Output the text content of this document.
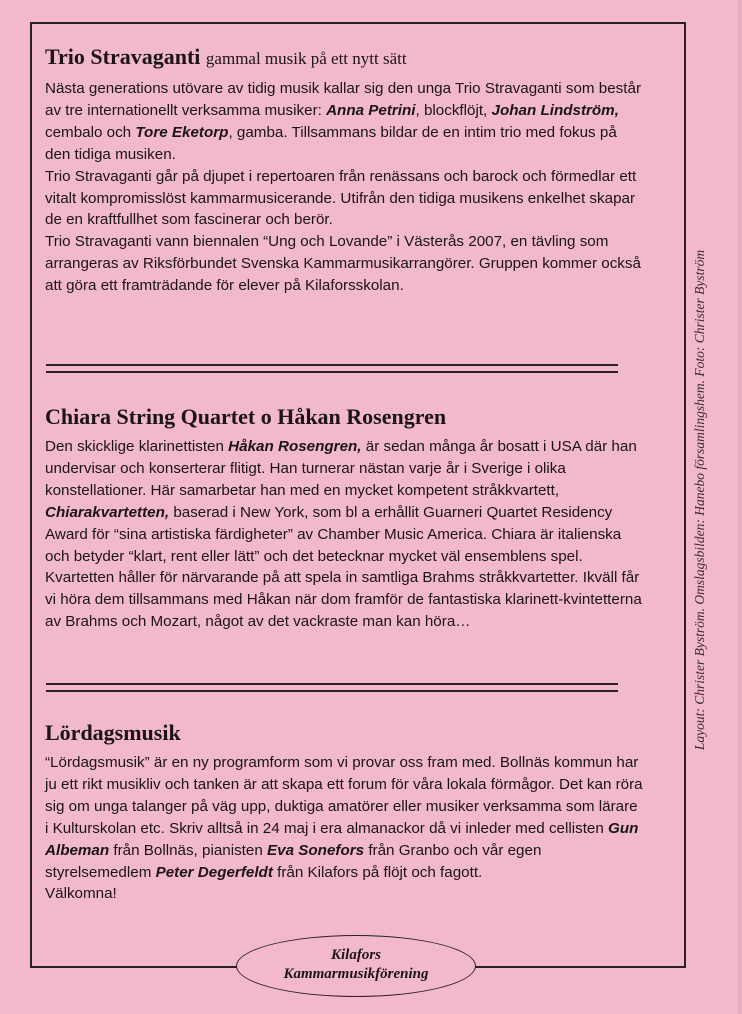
Trio Stravaganti gammal musik på ett nytt sätt

Nästa generations utövare av tidig musik kallar sig den unga Trio Stravaganti som består av tre internationellt verksamma musiker: Anna Petrini, blockflöjt, Johan Lindström, cembalo och Tore Eketorp, gamba. Tillsammans bildar de en intim trio med fokus på den tidiga musiken.

Trio Stravaganti går på djupet i repertoaren från renässans och barock och förmedlar ett vitalt kompromisslöst kammarmusicerande. Utifrån den tidiga musikens enkelhet skapar de en kraftfullhet som fascinerar och berör.

Trio Stravaganti vann biennalen “Ung och Lovande” i Västerås 2007, en tävling som arrangeras av Riksförbundet Svenska Kammarmusikarrangörer. Gruppen kommer också att göra ett framträdande för elever på Kilaforsskolan.

Chiara String Quartet o Håkan Rosengren

Den skicklige klarinettisten Håkan Rosengren, är sedan många år bosatt i USA där han undervisar och konserterar flitigt. Han turnerar nästan varje år i Sverige i olika konstellationer. Här samarbetar han med en mycket kompetent stråkkvartett, Chiarakvartetten, baserad i New York, som bl a erhållit Guarneri Quartet Residency Award för “sina artistiska färdigheter” av Chamber Music America. Chiara är italienska och betyder “klart, rent eller lätt” och det betecknar mycket väl ensemblens spel. Kvartetten håller för närvarande på att spela in samtliga Brahms stråkkvartetter. Ikväll får vi höra dem tillsammans med Håkan när dom framför de fantastiska klarinett-kvintetterna av Brahms och Mozart, något av det vackraste man kan höra…

Lördagsmusik

“Lördagsmusik” är en ny programform som vi provar oss fram med. Bollnäs kommun har ju ett rikt musikliv och tanken är att skapa ett forum för våra lokala förmågor. Det kan röra sig om unga talanger på väg upp, duktiga amatörer eller musiker verksamma som lärare i Kulturskolan etc. Skriv alltså in 24 maj i era almanackor då vi inleder med cellisten Gun Albeman från Bollnäs, pianisten Eva Sonefors från Granbo och vår egen styrelsemedlem Peter Degerfeldt från Kilafors på flöjt och fagott.

Välkomna!

Kilafors
Kammarmusikförening
Layout: Christer Byström. Omslagsbilden: Hanebo församlingshem. Foto: Christer Byström
